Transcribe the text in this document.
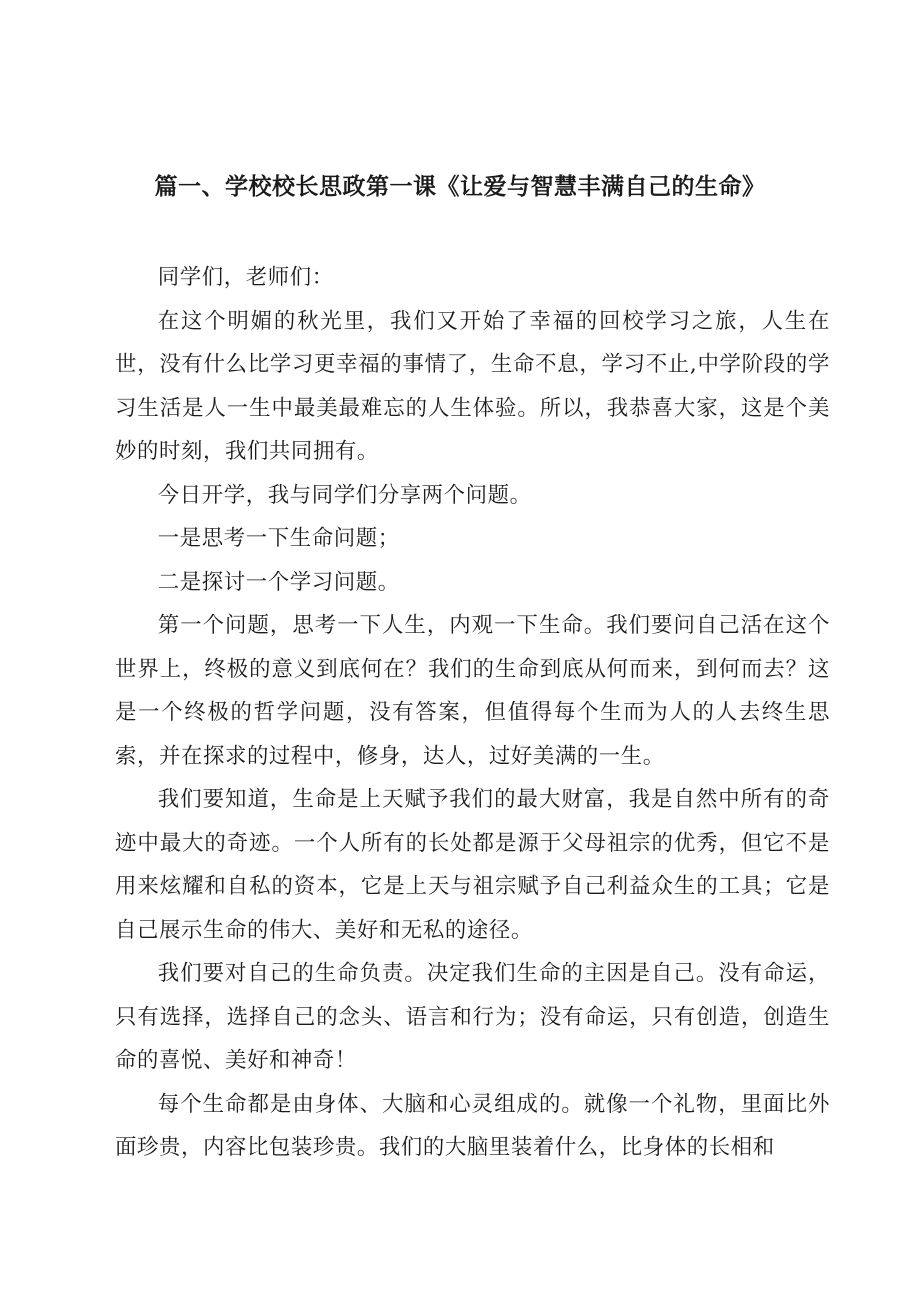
篇一、学校校长思政第一课《让爱与智慧丰满自己的生命》

同学们，老师们：

在这个明媚的秋光里，我们又开始了幸福的回校学习之旅，人生在世，没有什么比学习更幸福的事情了，生命不息，学习不止,中学阶段的学习生活是人一生中最美最难忘的人生体验。所以，我恭喜大家，这是个美妙的时刻，我们共同拥有。

今日开学，我与同学们分享两个问题。

一是思考一下生命问题；

二是探讨一个学习问题。

第一个问题，思考一下人生，内观一下生命。我们要问自己活在这个世界上，终极的意义到底何在？我们的生命到底从何而来，到何而去？这是一个终极的哲学问题，没有答案，但值得每个生而为人的人去终生思索，并在探求的过程中，修身，达人，过好美满的一生。

我们要知道，生命是上天赋予我们的最大财富，我是自然中所有的奇迹中最大的奇迹。一个人所有的长处都是源于父母祖宗的优秀，但它不是用来炫耀和自私的资本，它是上天与祖宗赋予自己利益众生的工具；它是自己展示生命的伟大、美好和无私的途径。

我们要对自己的生命负责。决定我们生命的主因是自己。没有命运，只有选择，选择自己的念头、语言和行为；没有命运，只有创造，创造生命的喜悦、美好和神奇！

每个生命都是由身体、大脑和心灵组成的。就像一个礼物，里面比外面珍贵，内容比包装珍贵。我们的大脑里装着什么，比身体的长相和
